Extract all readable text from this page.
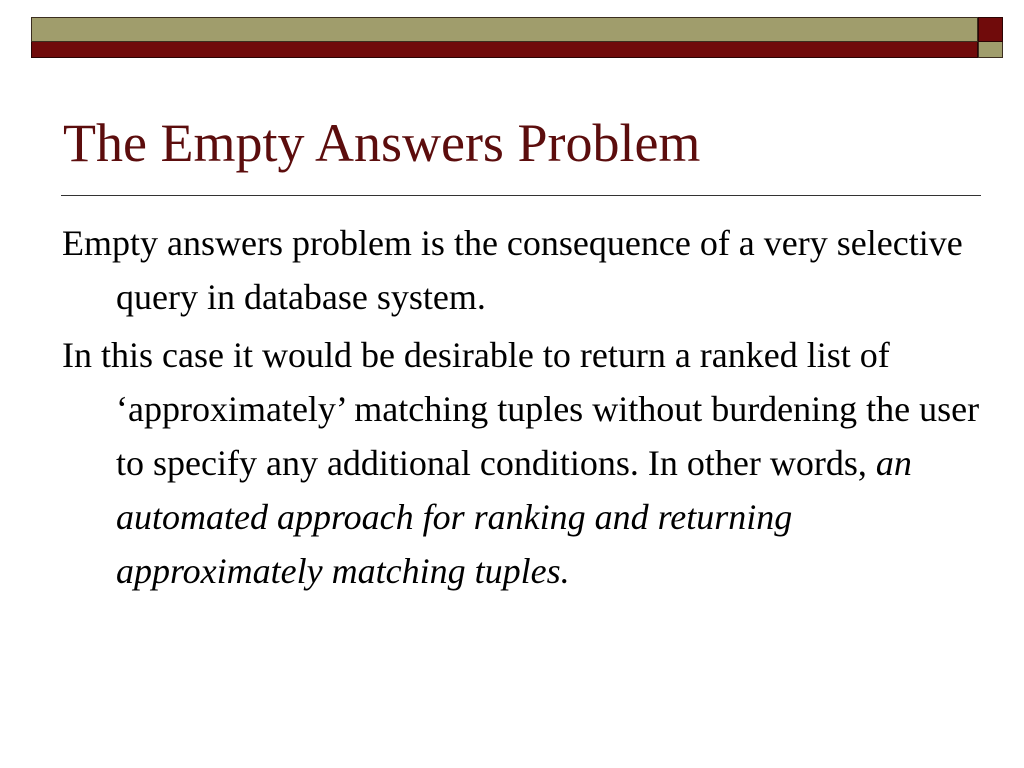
The Empty Answers Problem

Empty answers problem is the consequence of a very selective query in database system.

In this case it would be desirable to return a ranked list of ‘approximately’ matching tuples without burdening the user to specify any additional conditions. In other words, an automated approach for ranking and returning approximately matching tuples.
